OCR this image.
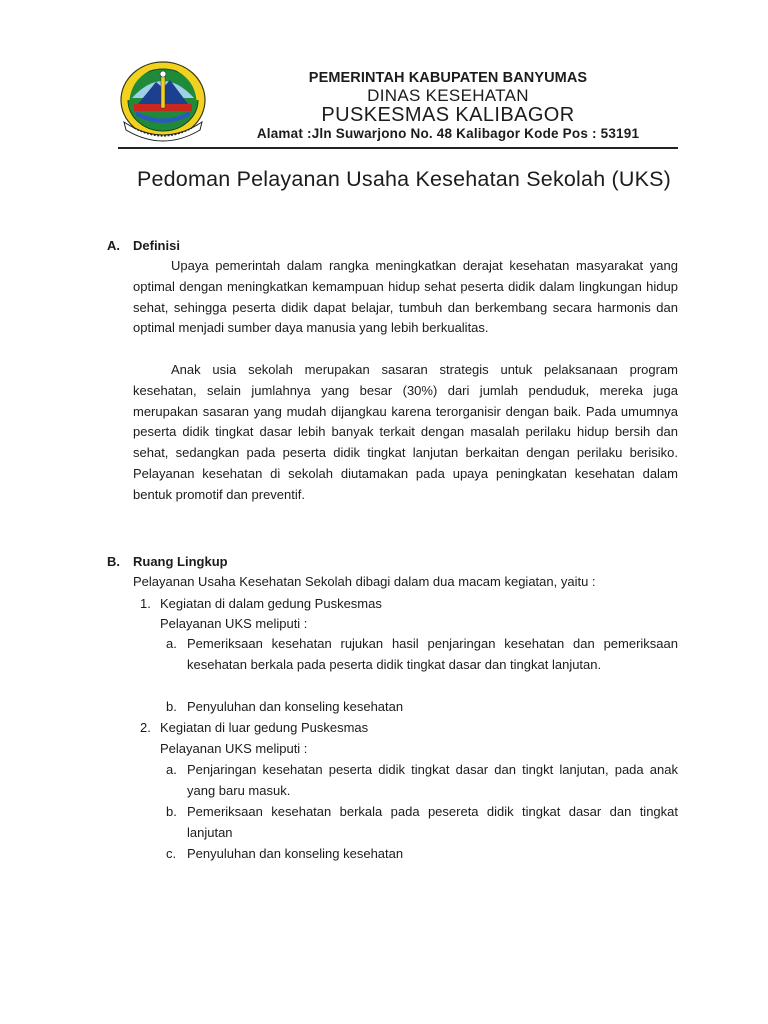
PEMERINTAH KABUPATEN BANYUMAS
DINAS KESEHATAN
PUSKESMAS KALIBAGOR
Alamat :Jln Suwarjono No. 48 Kalibagor Kode Pos : 53191
Pedoman Pelayanan Usaha Kesehatan Sekolah (UKS)
A. Definisi

Upaya pemerintah dalam rangka meningkatkan derajat kesehatan masyarakat yang optimal dengan meningkatkan kemampuan hidup sehat peserta didik dalam lingkungan hidup sehat, sehingga peserta didik dapat belajar, tumbuh dan berkembang secara harmonis dan optimal menjadi sumber daya manusia yang lebih berkualitas.

Anak usia sekolah merupakan sasaran strategis untuk pelaksanaan program kesehatan, selain jumlahnya yang besar (30%) dari jumlah penduduk, mereka juga merupakan sasaran yang mudah dijangkau karena terorganisir dengan baik. Pada umumnya peserta didik tingkat dasar lebih banyak terkait dengan masalah perilaku hidup bersih dan sehat, sedangkan pada peserta didik tingkat lanjutan berkaitan dengan perilaku berisiko. Pelayanan kesehatan di sekolah diutamakan pada upaya peningkatan kesehatan dalam bentuk promotif dan preventif.

B. Ruang Lingkup

Pelayanan Usaha Kesehatan Sekolah dibagi dalam dua macam kegiatan, yaitu :

1. Kegiatan di dalam gedung Puskesmas
Pelayanan UKS meliputi :
a. Pemeriksaan kesehatan rujukan hasil penjaringan kesehatan dan pemeriksaan kesehatan berkala pada peserta didik tingkat dasar dan tingkat lanjutan.

b. Penyuluhan dan konseling kesehatan

2. Kegiatan di luar gedung Puskesmas
Pelayanan UKS meliputi :
a. Penjaringan kesehatan peserta didik tingkat dasar dan tingkt lanjutan, pada anak yang baru masuk.

b. Pemeriksaan kesehatan berkala pada pesereta didik tingkat dasar dan tingkat lanjutan

c. Penyuluhan dan konseling kesehatan
